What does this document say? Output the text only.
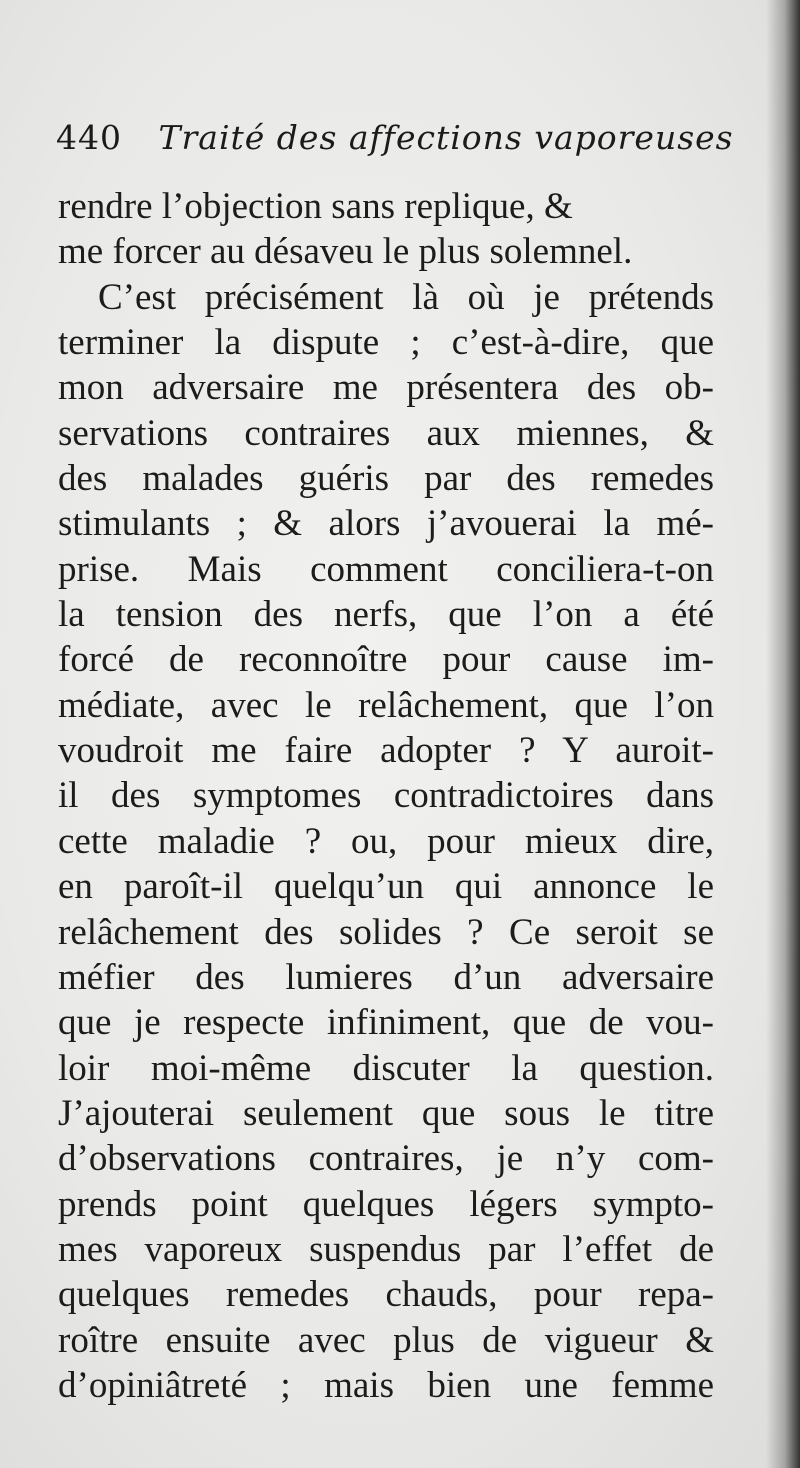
440 Traité des affections vaporeuses
rendre l’objection sans replique, &
me forcer au désaveu le plus solemnel.
C’est précisément là où je prétends
terminer la dispute ; c’est-à-dire, que
mon adversaire me présentera des ob-
servations contraires aux miennes, &
des malades guéris par des remedes
stimulants ; & alors j’avouerai la mé-
prise. Mais comment conciliera-t-on
la tension des nerfs, que l’on a été
forcé de reconnoître pour cause im-
médiate, avec le relâchement, que l’on
voudroit me faire adopter ? Y auroit-
il des symptomes contradictoires dans
cette maladie ? ou, pour mieux dire,
en paroît-il quelqu’un qui annonce le
relâchement des solides ? Ce seroit se
méfier des lumieres d’un adversaire
que je respecte infiniment, que de vou-
loir moi-même discuter la question.
J’ajouterai seulement que sous le titre
d’observations contraires, je n’y com-
prends point quelques légers sympto-
mes vaporeux suspendus par l’effet de
quelques remedes chauds, pour repa-
roître ensuite avec plus de vigueur &
d’opiniâtreté ; mais bien une femme
